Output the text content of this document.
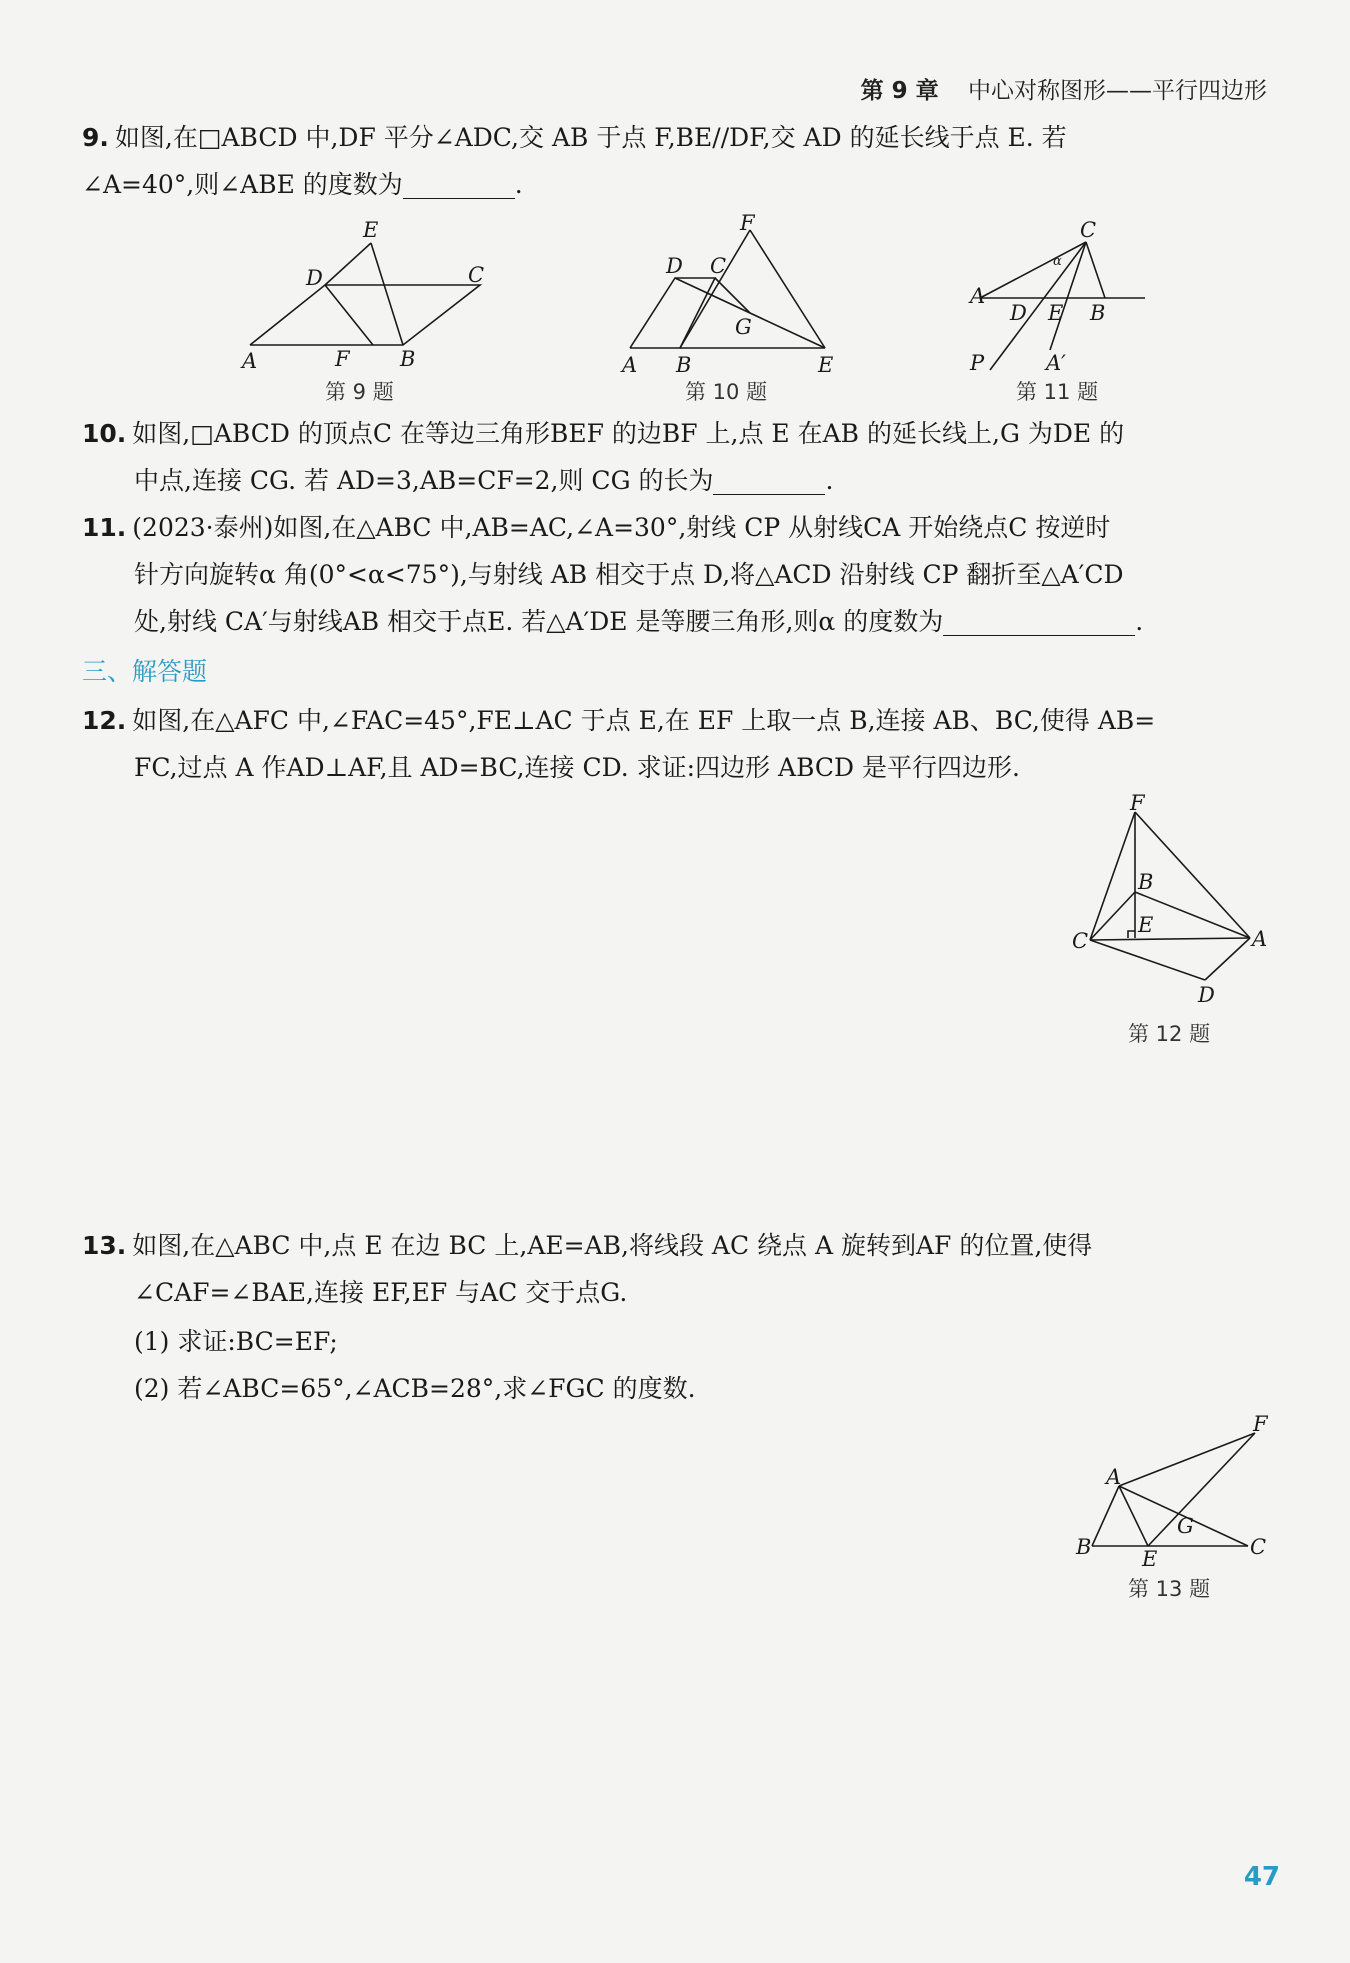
第 9 章 中心对称图形——平行四边形
9. 如图,在□ABCD 中,DF 平分∠ADC,交 AB 于点 F,BE//DF,交 AD 的延长线于点 E. 若
∠A=40°,则∠ABE 的度数为	.
E
D	C
A	F B
第 9 题
F
D C
G
A B	E
第 10 题
C
α
A
D E B
P	A′
第 11 题
10. 如图,□ABCD 的顶点C 在等边三角形BEF 的边BF 上,点 E 在AB 的延长线上,G 为DE 的
中点,连接 CG. 若 AD=3,AB=CF=2,则 CG 的长为	.
11. (2023·泰州)如图,在△ABC 中,AB=AC,∠A=30°,射线 CP 从射线CA 开始绕点C 按逆时
针方向旋转α 角(0°<α<75°),与射线 AB 相交于点 D,将△ACD 沿射线 CP 翻折至△A′CD
处,射线 CA′与射线AB 相交于点E. 若△A′DE 是等腰三角形,则α 的度数为	.
三、解答题
12. 如图,在△AFC 中,∠FAC=45°,FE⊥AC 于点 E,在 EF 上取一点 B,连接 AB、BC,使得 AB=
FC,过点 A 作AD⊥AF,且 AD=BC,连接 CD. 求证:四边形 ABCD 是平行四边形.
F
B
C
E
A
D
第 12 题
13. 如图,在△ABC 中,点 E 在边 BC 上,AE=AB,将线段 AC 绕点 A 旋转到AF 的位置,使得
∠CAF=∠BAE,连接 EF,EF 与AC 交于点G.
(1) 求证:BC=EF;
(2) 若∠ABC=65°,∠ACB=28°,求∠FGC 的度数.
F
A
G
B E	C
第 13 题
47
